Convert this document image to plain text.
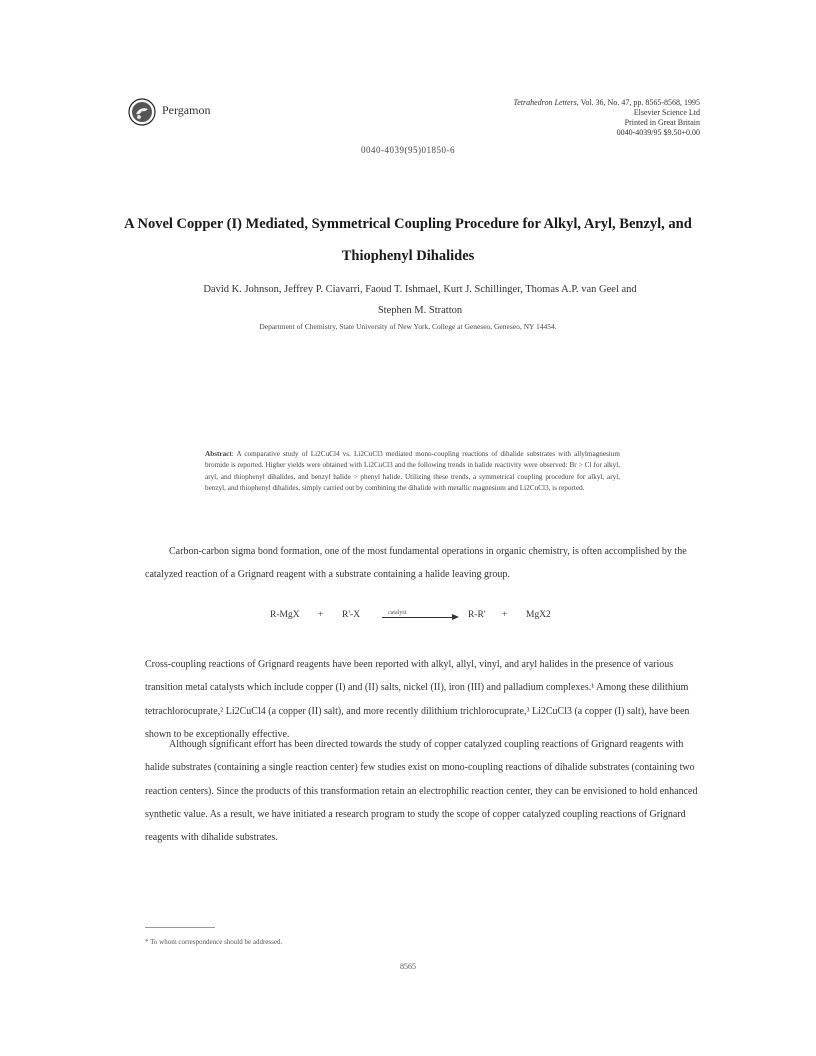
Pergamon
Tetrahedron Letters, Vol. 36, No. 47, pp. 8565-8568, 1995
Elsevier Science Ltd
Printed in Great Britain
0040-4039/95 $9.50+0.00
0040-4039(95)01850-6
A Novel Copper (I) Mediated, Symmetrical Coupling Procedure for Alkyl, Aryl, Benzyl, and Thiophenyl Dihalides
David K. Johnson, Jeffrey P. Ciavarri, Faoud T. Ishmael, Kurt J. Schillinger, Thomas A.P. van Geel and
Stephen M. Stratton
Department of Chemistry, State University of New York, College at Geneseo, Geneseo, NY 14454.
Abstract: A comparative study of Li2CuCl4 vs. Li2CuCl3 mediated mono-coupling reactions of dihalide substrates with allylmagnesium bromide is reported. Higher yields were obtained with Li2CuCl3 and the following trends in halide reactivity were observed: Br > Cl for alkyl, aryl, and thiophenyl dihalides, and benzyl halide > phenyl halide. Utilizing these trends, a symmetrical coupling procedure for alkyl, aryl, benzyl, and thiophenyl dihalides, simply carried out by combining the dihalide with metallic magnesium and Li2CuCl3, is reported.
Carbon-carbon sigma bond formation, one of the most fundamental operations in organic chemistry, is often accomplished by the catalyzed reaction of a Grignard reagent with a substrate containing a halide leaving group.
R-MgX + R'-X	catalyst	R-R' + MgX2
Cross-coupling reactions of Grignard reagents have been reported with alkyl, allyl, vinyl, and aryl halides in the presence of various transition metal catalysts which include copper (I) and (II) salts, nickel (II), iron (III) and palladium complexes.¹ Among these dilithium tetrachlorocuprate,² Li2CuCl4 (a copper (II) salt), and more recently dilithium trichlorocuprate,³ Li2CuCl3 (a copper (I) salt), have been shown to be exceptionally effective.
Although significant effort has been directed towards the study of copper catalyzed coupling reactions of Grignard reagents with halide substrates (containing a single reaction center) few studies exist on mono-coupling reactions of dihalide substrates (containing two reaction centers). Since the products of this transformation retain an electrophilic reaction center, they can be envisioned to hold enhanced synthetic value. As a result, we have initiated a research program to study the scope of copper catalyzed coupling reactions of Grignard reagents with dihalide substrates.
* To whom correspondence should be addressed.
8565
